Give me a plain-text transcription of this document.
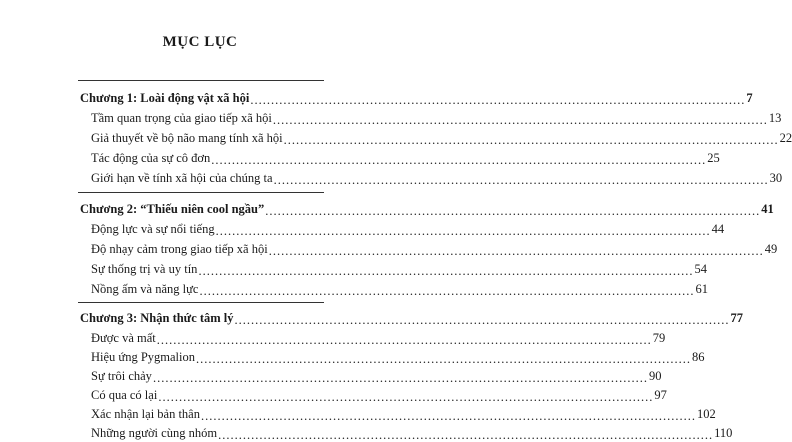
MỤC LỤC
Chương 1: Loài động vật xã hội ........................................................................................................................ 7
Tầm quan trọng của giao tiếp xã hội ........................................................................................................................ 13
Giả thuyết về bộ não mang tính xã hội ........................................................................................................................ 22
Tác động của sự cô đơn ........................................................................................................................ 25
Giới hạn về tính xã hội của chúng ta ........................................................................................................................ 30
Chương 2: “Thiếu niên cool ngầu” ........................................................................................................................ 41
Động lực và sự nổi tiếng ........................................................................................................................ 44
Độ nhạy cảm trong giao tiếp xã hội ........................................................................................................................ 49
Sự thống trị và uy tín ........................................................................................................................ 54
Nồng ấm và năng lực ........................................................................................................................ 61
Chương 3: Nhận thức tâm lý ........................................................................................................................ 77
Được và mất ........................................................................................................................ 79
Hiệu ứng Pygmalion ........................................................................................................................ 86
Sự trôi chảy ........................................................................................................................ 90
Có qua có lại ........................................................................................................................ 97
Xác nhận lại bản thân ........................................................................................................................ 102
Những người cùng nhóm ........................................................................................................................ 110
